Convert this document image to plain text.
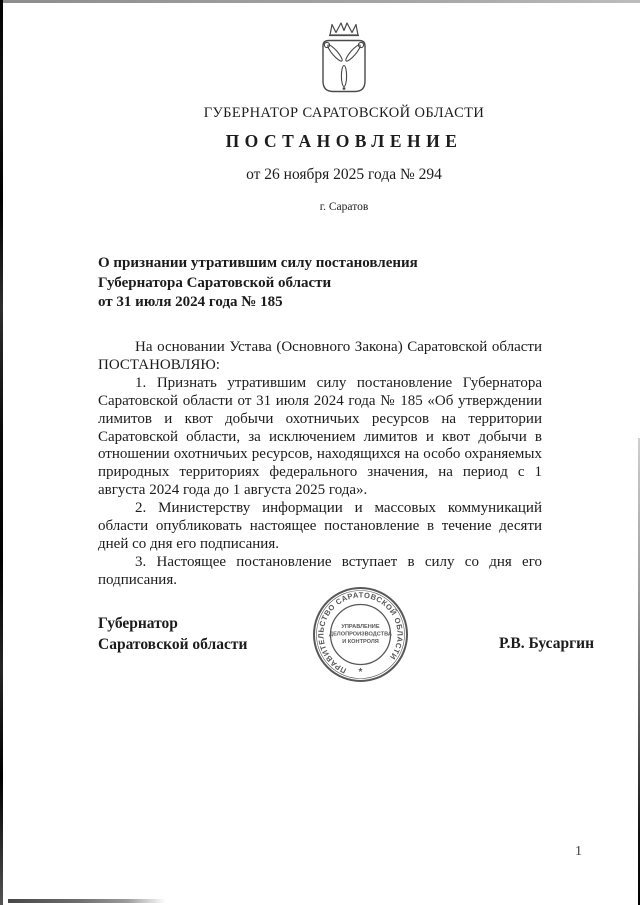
ГУБЕРНАТОР САРАТОВСКОЙ ОБЛАСТИ
ПОСТАНОВЛЕНИЕ
от 26 ноября 2025 года № 294
г. Саратов
О признании утратившим силу постановления
Губернатора Саратовской области
от 31 июля 2024 года № 185

На основании Устава (Основного Закона) Саратовской области ПОСТАНОВЛЯЮ:

1. Признать утратившим силу постановление Губернатора Саратовской области от 31 июля 2024 года № 185 «Об утверждении лимитов и квот добычи охотничьих ресурсов на территории Саратовской области, за исключением лимитов и квот добычи в отношении охотничьих ресурсов, находящихся на особо охраняемых природных территориях федерального значения, на период с 1 августа 2024 года до 1 августа 2025 года».

2. Министерству информации и массовых коммуникаций области опубликовать настоящее постановление в течение десяти дней со дня его подписания.

3. Настоящее постановление вступает в силу со дня его подписания.

Губернатор
Саратовской области	Р.В. Бусаргин
ПРАВИТЕЛЬСТВО САРАТОВСКОЙ ОБЛАСТИ
УПРАВЛЕНИЕ
ДЕЛОПРОИЗВОДСТВА
И КОНТРОЛЯ
*
1
